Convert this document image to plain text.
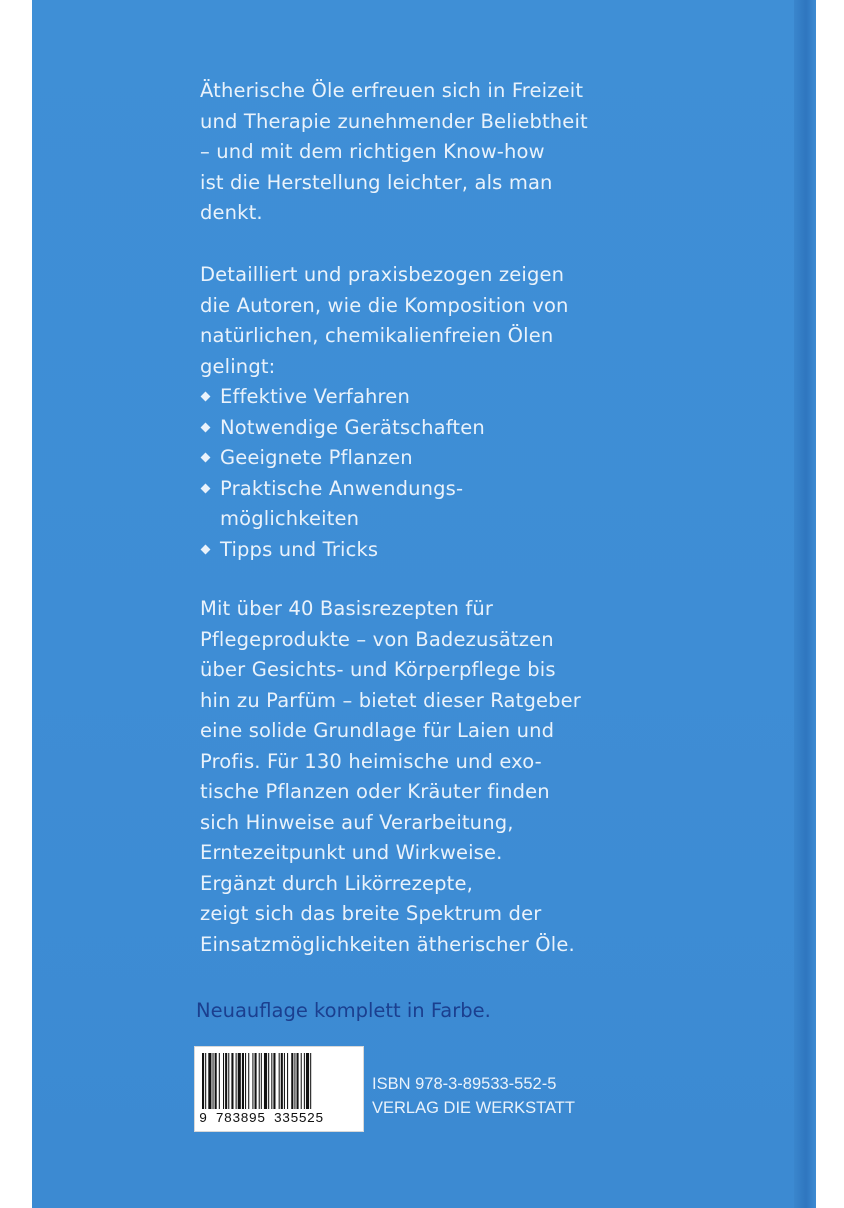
Ätherische Öle erfreuen sich in Freizeit
und Therapie zunehmender Beliebtheit
– und mit dem richtigen Know-how
ist die Herstellung leichter, als man
denkt.

Detailliert und praxisbezogen zeigen
die Autoren, wie die Komposition von
natürlichen, chemikalienfreien Ölen
gelingt:

Effektive Verfahren
Notwendige Gerätschaften
Geeignete Pflanzen
Praktische Anwendungs-
möglichkeiten
Tipps und Tricks

Mit über 40 Basisrezepten für
Pflegeprodukte – von Badezusätzen
über Gesichts- und Körperpflege bis
hin zu Parfüm – bietet dieser Ratgeber
eine solide Grundlage für Laien und
Profis. Für 130 heimische und exo-
tische Pflanzen oder Kräuter finden
sich Hinweise auf Verarbeitung,
Erntezeitpunkt und Wirkweise.
Ergänzt durch Likörrezepte,
zeigt sich das breite Spektrum der
Einsatzmöglichkeiten ätherischer Öle.

Neuauflage komplett in Farbe.
9 783895 335525
ISBN 978-3-89533-552-5
VERLAG DIE WERKSTATT
